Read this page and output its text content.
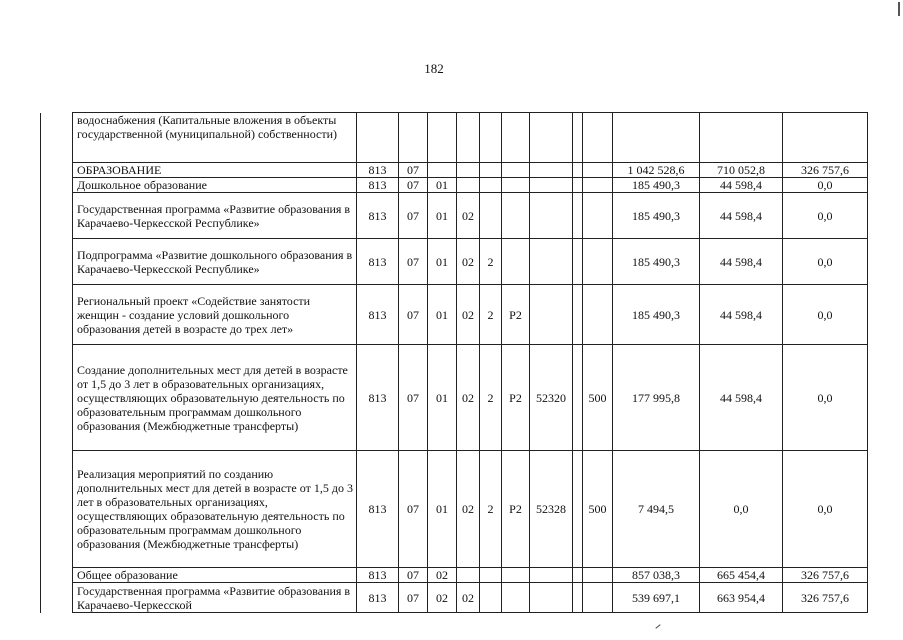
182
	водоснабжения (Капитальные вложения в объекты государственной (муниципальной) собственности)												
	ОБРАЗОВАНИЕ	813	07								1 042 528,6	710 052,8	326 757,6
	Дошкольное образование	813	07	01							185 490,3	44 598,4	0,0
	Государственная программа «Развитие образования в Карачаево-Черкесской Республике»	813	07	01	02						185 490,3	44 598,4	0,0
	Подпрограмма «Развитие дошкольного образования в Карачаево-Черкесской Республике»	813	07	01	02	2					185 490,3	44 598,4	0,0
	Региональный проект «Содействие занятости женщин - создание условий дошкольного образования детей в возрасте до трех лет»	813	07	01	02	2	Р2				185 490,3	44 598,4	0,0
	Создание дополнительных мест для детей в возрасте от 1,5 до 3 лет в образовательных организациях, осуществляющих образовательную деятельность по образовательным программам дошкольного образования (Межбюджетные трансферты)	813	07	01	02	2	Р2	52320		500	177 995,8	44 598,4	0,0
	Реализация мероприятий по созданию дополнительных мест для детей в возрасте от 1,5 до 3 лет в образовательных организациях, осуществляющих образовательную деятельность по образовательным программам дошкольного образования (Межбюджетные трансферты)	813	07	01	02	2	Р2	52328		500	7 494,5	0,0	0,0
	Общее образование	813	07	02							857 038,3	665 454,4	326 757,6
	Государственная программа «Развитие образования в Карачаево-Черкесской	813	07	02	02						539 697,1	663 954,4	326 757,6
